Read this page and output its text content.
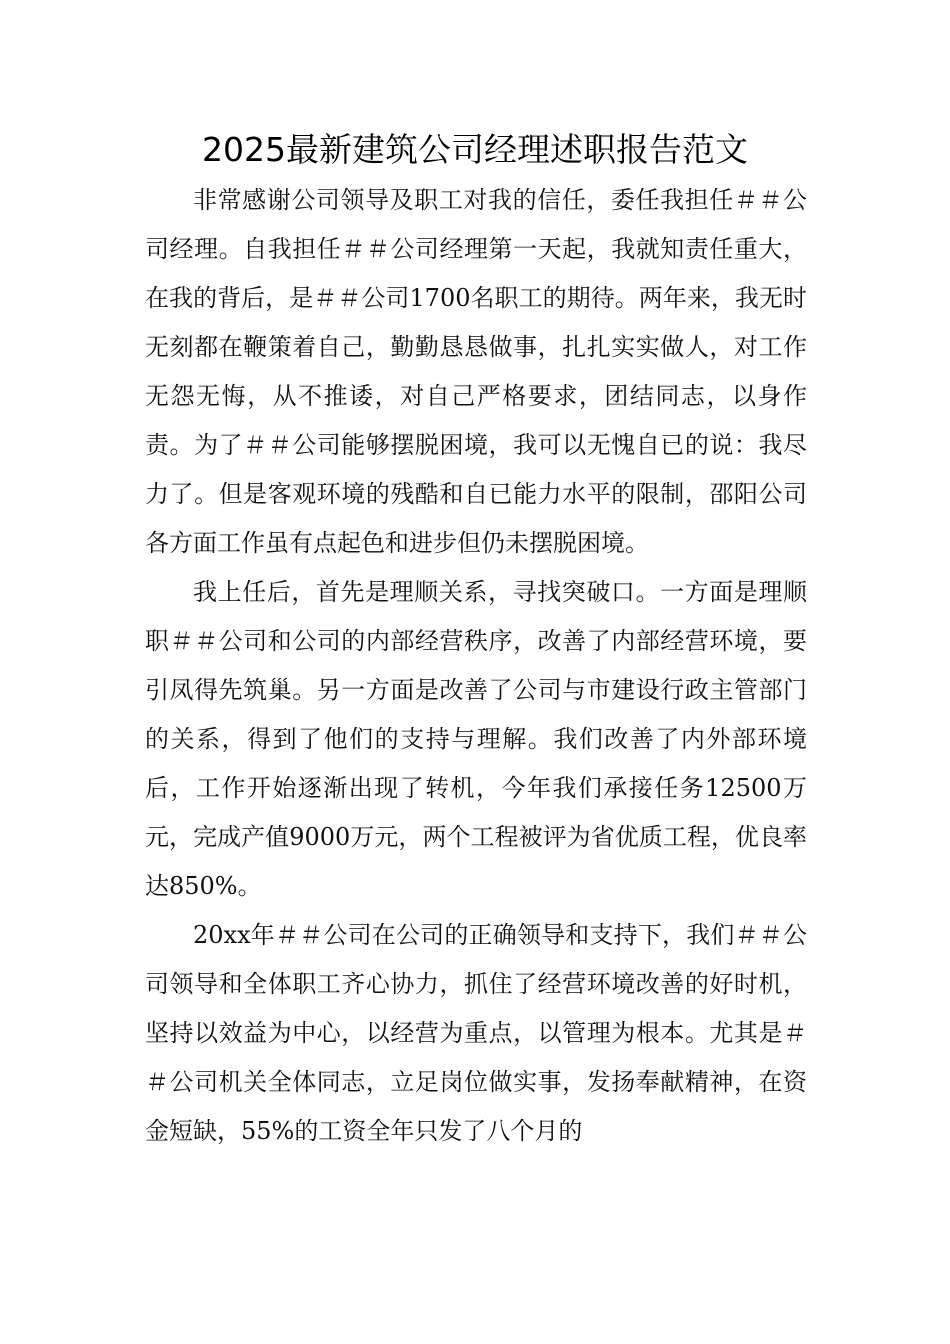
2025最新建筑公司经理述职报告范文

非常感谢公司领导及职工对我的信任，委任我担任＃＃公司经理。自我担任＃＃公司经理第一天起，我就知责任重大，在我的背后，是＃＃公司1700名职工的期待。两年来，我无时无刻都在鞭策着自己，勤勤恳恳做事，扎扎实实做人，对工作无怨无悔，从不推诿，对自己严格要求，团结同志，以身作责。为了＃＃公司能够摆脱困境，我可以无愧自已的说：我尽力了。但是客观环境的残酷和自已能力水平的限制，邵阳公司各方面工作虽有点起色和进步但仍未摆脱困境。

我上任后，首先是理顺关系，寻找突破口。一方面是理顺职＃＃公司和公司的内部经营秩序，改善了内部经营环境，要引凤得先筑巢。另一方面是改善了公司与市建设行政主管部门的关系，得到了他们的支持与理解。我们改善了内外部环境后，工作开始逐渐出现了转机，今年我们承接任务12500万元，完成产值9000万元，两个工程被评为省优质工程，优良率达850%。

20xx年＃＃公司在公司的正确领导和支持下，我们＃＃公司领导和全体职工齐心协力，抓住了经营环境改善的好时机，坚持以效益为中心，以经营为重点，以管理为根本。尤其是＃＃公司机关全体同志，立足岗位做实事，发扬奉献精神，在资金短缺，55%的工资全年只发了八个月的
